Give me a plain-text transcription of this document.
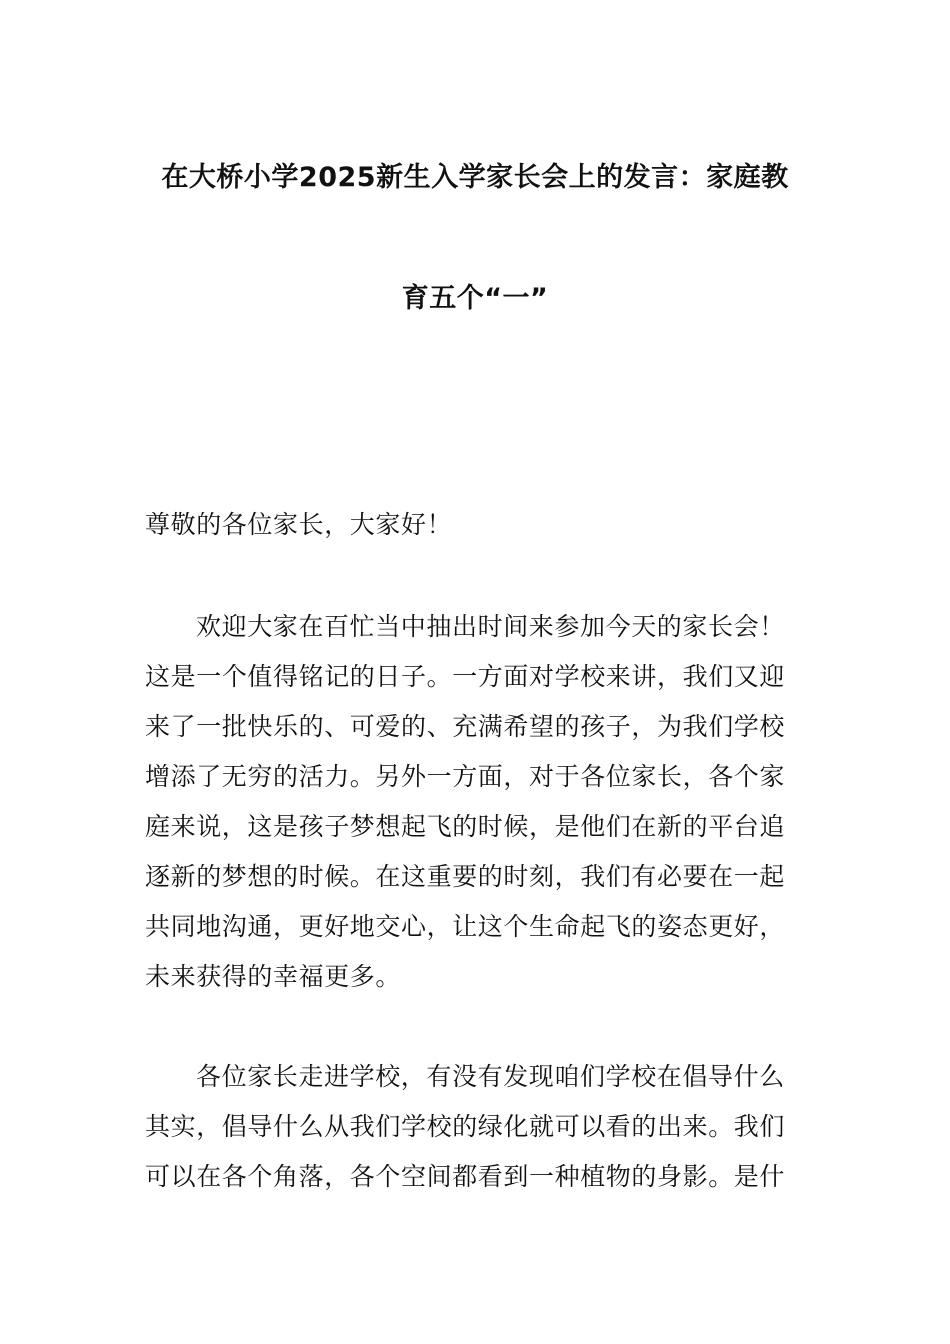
在大桥小学2025新生入学家长会上的发言：家庭教
育五个“一”
尊敬的各位家长，大家好！
欢迎大家在百忙当中抽出时间来参加今天的家长会！
这是一个值得铭记的日子。一方面对学校来讲，我们又迎
来了一批快乐的、可爱的、充满希望的孩子，为我们学校
增添了无穷的活力。另外一方面，对于各位家长，各个家
庭来说，这是孩子梦想起飞的时候，是他们在新的平台追
逐新的梦想的时候。在这重要的时刻，我们有必要在一起
共同地沟通，更好地交心，让这个生命起飞的姿态更好，
未来获得的幸福更多。
各位家长走进学校，有没有发现咱们学校在倡导什么
其实，倡导什么从我们学校的绿化就可以看的出来。我们
可以在各个角落，各个空间都看到一种植物的身影。是什
